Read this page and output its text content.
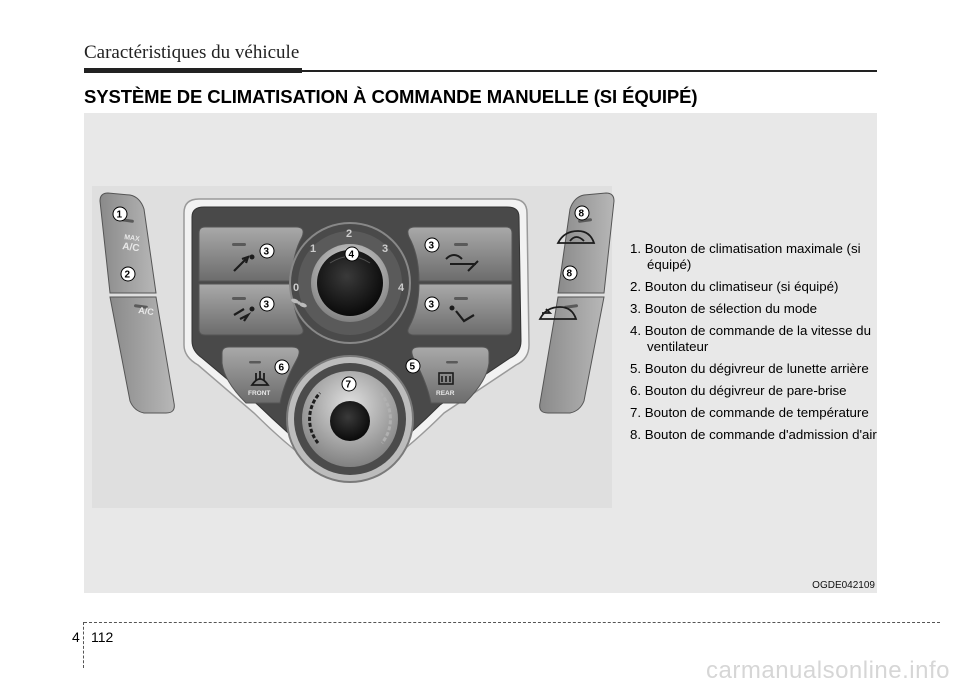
Caractéristiques du véhicule
SYSTÈME DE CLIMATISATION À COMMANDE MANUELLE (SI ÉQUIPÉ)
0
1
2
3
4
FRONT	REAR
MAX
A/C
A/C
1
2
3
3
3
3
4
5
6
7
8
8
1. Bouton de climatisation maximale (si équipé)
2. Bouton du climatiseur (si équipé)
3. Bouton de sélection du mode
4. Bouton de commande de la vitesse du ventilateur
5. Bouton du dégivreur de lunette arrière
6. Bouton du dégivreur de pare-brise
7. Bouton de commande de température
8. Bouton de commande d'admission d'air
OGDE042109
4 112
carmanualsonline.info
